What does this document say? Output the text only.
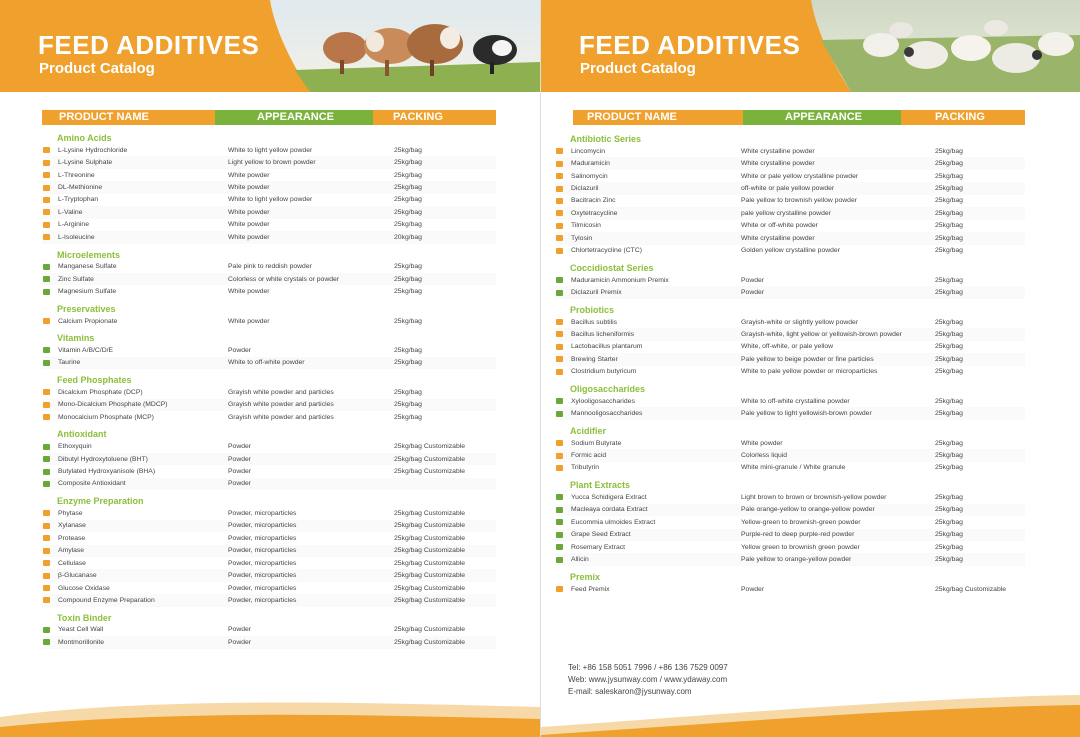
FEED ADDITIVES
Product Catalog
PRODUCT NAME	APPEARANCE	PACKING
Amino Acids
L-Lysine Hydrochloride	White to light yellow powder	25kg/bag
L-Lysine Sulphate	Light yellow to brown powder	25kg/bag
L-Threonine	White powder	25kg/bag
DL-Methionine	White powder	25kg/bag
L-Tryptophan	White to light yellow powder	25kg/bag
L-Valine	White powder	25kg/bag
L-Arginine	White powder	25kg/bag
L-Isoleucine	White powder	20kg/bag
Microelements
Manganese Sulfate	Pale pink to reddish powder	25kg/bag
Zinc Sulfate	Colorless or white crystals or powder	25kg/bag
Magnesium Sulfate	White powder	25kg/bag
Preservatives
Calcium Propionate	White powder	25kg/bag
Vitamins
Vitamin A/B/C/D/E	Powder	25kg/bag
Taurine	White to off-white powder	25kg/bag
Feed Phosphates
Dicalcium Phosphate (DCP)	Grayish white powder and particles	25kg/bag
Mono-Dicalcium Phosphate (MDCP)	Grayish white powder and particles	25kg/bag
Monocalcium Phosphate (MCP)	Grayish white powder and particles	25kg/bag
Antioxidant
Ethoxyquin	Powder	25kg/bag Customizable
Dibutyl Hydroxytoluene (BHT)	Powder	25kg/bag Customizable
Butylated Hydroxyanisole (BHA)	Powder	25kg/bag Customizable
Composite Antioxidant	Powder
Enzyme Preparation
Phytase	Powder, microparticles	25kg/bag Customizable
Xylanase	Powder, microparticles	25kg/bag Customizable
Protease	Powder, microparticles	25kg/bag Customizable
Amylase	Powder, microparticles	25kg/bag Customizable
Cellulase	Powder, microparticles	25kg/bag Customizable
β-Glucanase	Powder, microparticles	25kg/bag Customizable
Glucose Oxidase	Powder, microparticles	25kg/bag Customizable
Compound Enzyme Preparation	Powder, microparticles	25kg/bag Customizable
Toxin Binder
Yeast Cell Wall	Powder	25kg/bag Customizable
Montmorillonite	Powder	25kg/bag Customizable
FEED ADDITIVES
Product Catalog
PRODUCT NAME	APPEARANCE	PACKING
Antibiotic Series
Lincomycin	White crystalline powder	25kg/bag
Maduramicin	White crystalline powder	25kg/bag
Salinomycin	White or pale yellow crystalline powder	25kg/bag
Diclazuril	off-white or pale yellow powder	25kg/bag
Bacitracin Zinc	Pale yellow to brownish yellow powder	25kg/bag
Oxytetracycline	pale yellow crystalline powder	25kg/bag
Tilmicosin	White or off-white powder	25kg/bag
Tylosin	White crystalline powder	25kg/bag
Chlortetracycline (CTC)	Golden yellow crystalline powder	25kg/bag
Coccidiostat Series
Maduramicin Ammonium Premix	Powder	25kg/bag
Diclazuril Premix	Powder	25kg/bag
Probiotics
Bacillus subtilis	Grayish-white or slightly yellow powder	25kg/bag
Bacillus licheniformis	Grayish-white, light yellow or yellowish-brown powder	25kg/bag
Lactobacillus plantarum	White, off-white, or pale yellow	25kg/bag
Brewing Starter	Pale yellow to beige powder or fine particles	25kg/bag
Clostridium butyricum	White to pale yellow powder or microparticles	25kg/bag
Oligosaccharides
Xylooligosaccharides	White to off-white crystalline powder	25kg/bag
Mannooligosaccharides	Pale yellow to light yellowish-brown powder	25kg/bag
Acidifier
Sodium Butyrate	White powder	25kg/bag
Formic acid	Colorless liquid	25kg/bag
Tributyrin	White mini-granule / White granule	25kg/bag
Plant Extracts
Yucca Schidigera Extract	Light brown to brown or brownish-yellow powder	25kg/bag
Macleaya cordata Extract	Pale orange-yellow to orange-yellow powder	25kg/bag
Eucommia ulmoides Extract	Yellow-green to brownish-green powder	25kg/bag
Grape Seed Extract	Purple-red to deep purple-red powder	25kg/bag
Rosemary Extract	Yellow green to brownish green powder	25kg/bag
Allicin	Pale yellow to orange-yellow powder	25kg/bag
Premix
Feed Premix	Powder	25kg/bag Customizable
Tel: +86 158 5051 7996 / +86 136 7529 0097
Web: www.jysunway.com / www.ydaway.com
E-mail: saleskaron@jysunway.com
